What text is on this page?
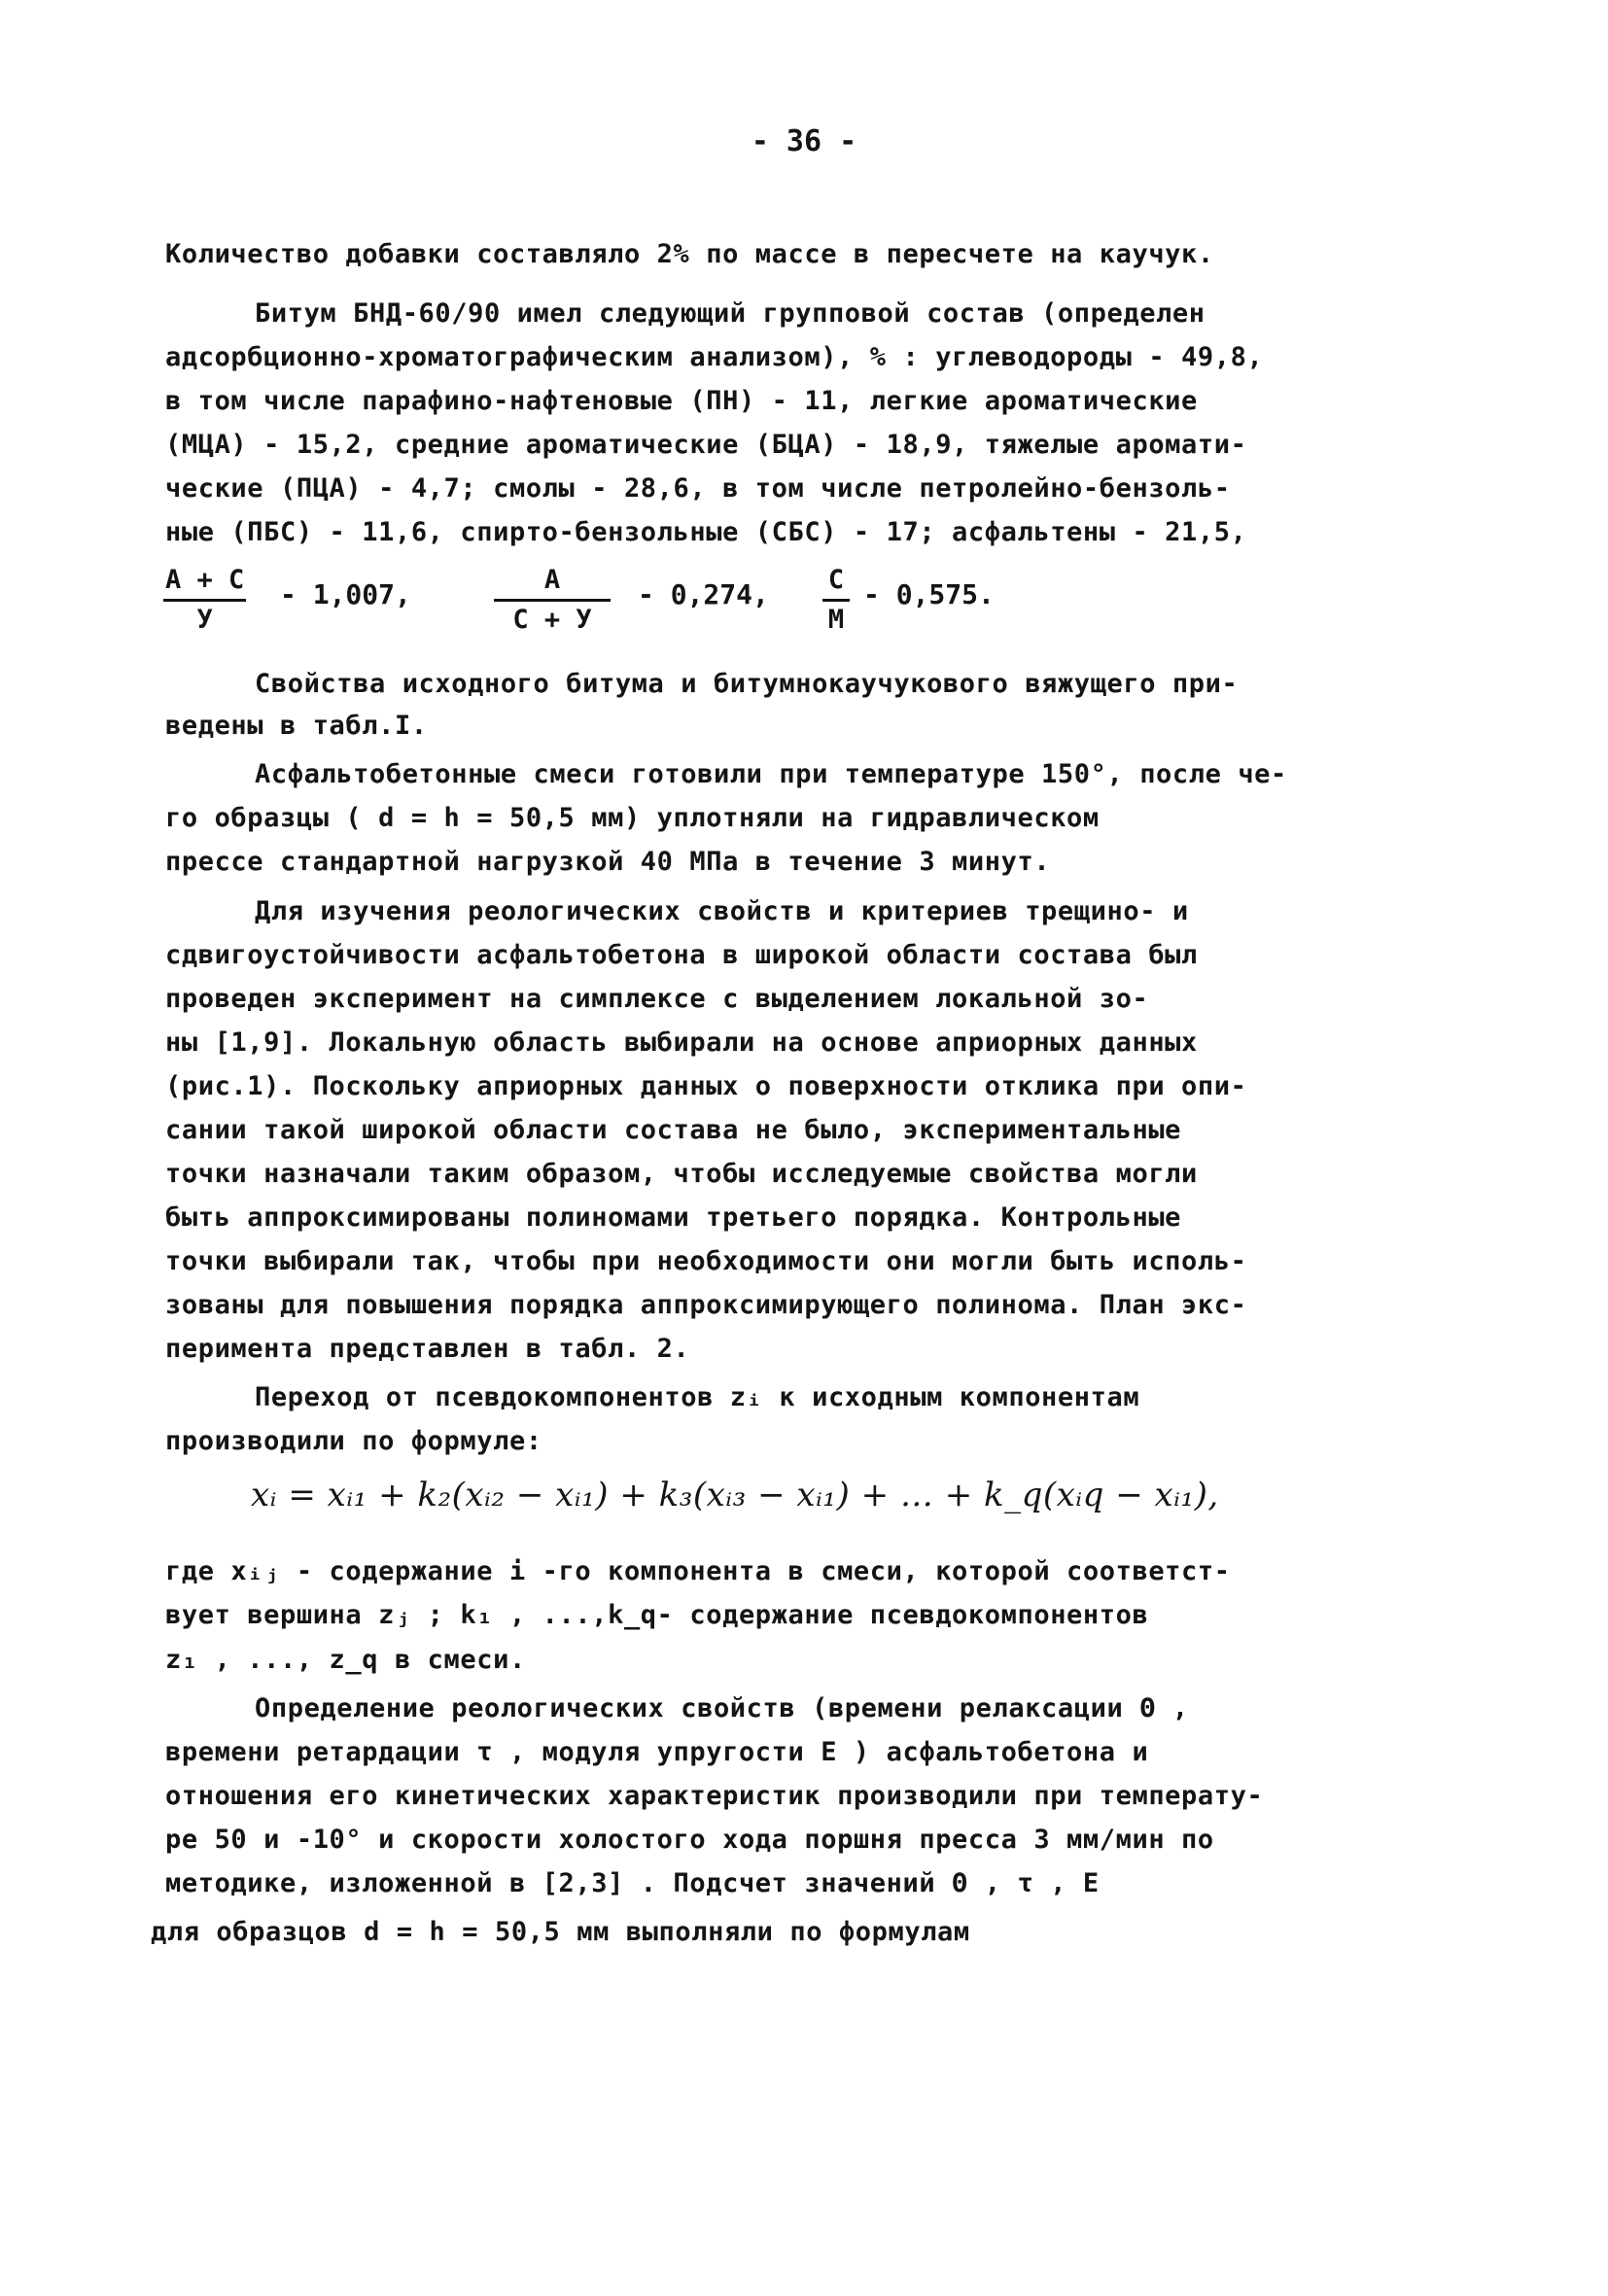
- 36 -
Количество добавки составляло 2% по массе в пересчете на каучук.
Битум БНД-60/90 имел следующий групповой состав (определен
адсорбционно-хроматографическим анализом), % : углеводороды - 49,8,
в том числе парафино-нафтеновые (ПН) - 11, легкие ароматические
(МЦА) - 15,2, средние ароматические (БЦА) - 18,9, тяжелые аромати-
ческие (ПЦА) - 4,7; смолы - 28,6, в том числе петролейно-бензоль-
ные (ПБС) - 11,6, спирто-бензольные (СБС) - 17; асфальтены - 21,5,
А + С
У
- 1,007,	А
С + У
- 0,274, С
М
- 0,575.
Свойства исходного битума и битумнокаучукового вяжущего при-
ведены в табл.I.
Асфальтобетонные смеси готовили при температуре 150°, после че-
го образцы ( d = h = 50,5 мм) уплотняли на гидравлическом
прессе стандартной нагрузкой 40 МПа в течение 3 минут.
Для изучения реологических свойств и критериев трещино- и
сдвигоустойчивости асфальтобетона в широкой области состава был
проведен эксперимент на симплексе с выделением локальной зо-
ны [1,9]. Локальную область выбирали на основе априорных данных
(рис.1). Поскольку априорных данных о поверхности отклика при опи-
сании такой широкой области состава не было, экспериментальные
точки назначали таким образом, чтобы исследуемые свойства могли
быть аппроксимированы полиномами третьего порядка. Контрольные
точки выбирали так, чтобы при необходимости они могли быть исполь-
зованы для повышения порядка аппроксимирующего полинома. План экс-
перимента представлен в табл. 2.
Переход от псевдокомпонентов zᵢ к исходным компонентам
производили по формуле:
xᵢ = xᵢ₁ + k₂(xᵢ₂ − xᵢ₁) + k₃(xᵢ₃ − xᵢ₁) + … + k_q(xᵢq − xᵢ₁),
где xᵢⱼ - содержание i -го компонента в смеси, которой соответст-
вует вершина zⱼ ; k₁ , ...,k_q- содержание псевдокомпонентов
z₁ , ..., z_q в смеси.
Определение реологических свойств (времени релаксации Θ ,
времени ретардации τ , модуля упругости Е ) асфальтобетона и
отношения его кинетических характеристик производили при температу-
ре 50 и -10° и скорости холостого хода поршня пресса 3 мм/мин по
методике, изложенной в [2,3] . Подсчет значений Θ , τ , Е
для образцов d = h = 50,5 мм выполняли по формулам
